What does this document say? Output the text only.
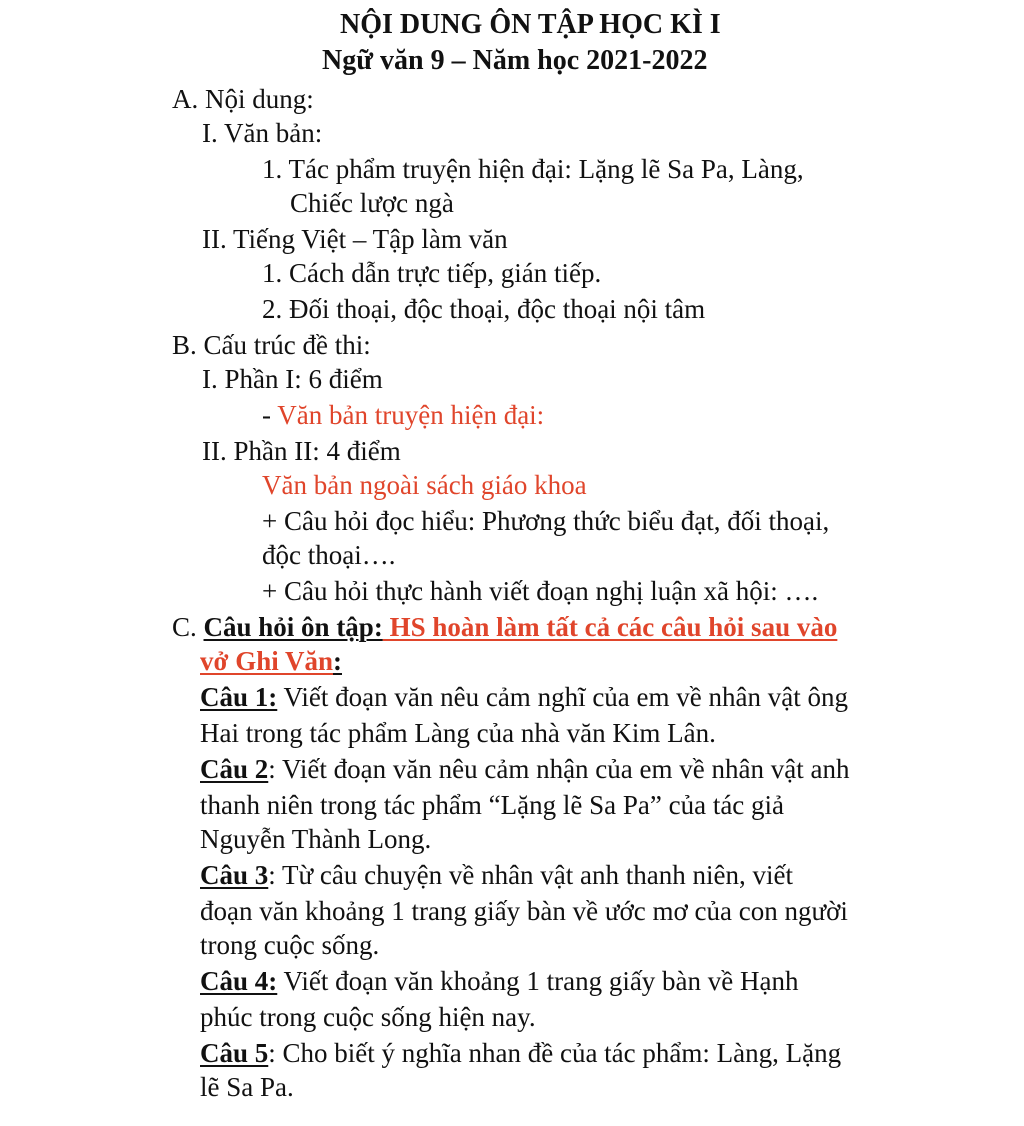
NỘI DUNG ÔN TẬP HỌC KÌ I
Ngữ văn 9 – Năm học 2021-2022
A. Nội dung:
I. Văn bản:
1. Tác phẩm truyện hiện đại: Lặng lẽ Sa Pa, Làng,
Chiếc lược ngà
II. Tiếng Việt – Tập làm văn
1. Cách dẫn trực tiếp, gián tiếp.
2. Đối thoại, độc thoại, độc thoại nội tâm
B. Cấu trúc đề thi:
I. Phần I: 6 điểm
- Văn bản truyện hiện đại:
II. Phần II: 4 điểm
Văn bản ngoài sách giáo khoa
+ Câu hỏi đọc hiểu: Phương thức biểu đạt, đối thoại,
độc thoại….
+ Câu hỏi thực hành viết đoạn nghị luận xã hội: ….
C. Câu hỏi ôn tập: HS hoàn làm tất cả các câu hỏi sau vào
vở Ghi Văn:
Câu 1: Viết đoạn văn nêu cảm nghĩ của em về nhân vật ông
Hai trong tác phẩm Làng của nhà văn Kim Lân.
Câu 2: Viết đoạn văn nêu cảm nhận của em về nhân vật anh
thanh niên trong tác phẩm “Lặng lẽ Sa Pa” của tác giả
Nguyễn Thành Long.
Câu 3: Từ câu chuyện về nhân vật anh thanh niên, viết
đoạn văn khoảng 1 trang giấy bàn về ước mơ của con người
trong cuộc sống.
Câu 4: Viết đoạn văn khoảng 1 trang giấy bàn về Hạnh
phúc trong cuộc sống hiện nay.
Câu 5: Cho biết ý nghĩa nhan đề của tác phẩm: Làng, Lặng
lẽ Sa Pa.
